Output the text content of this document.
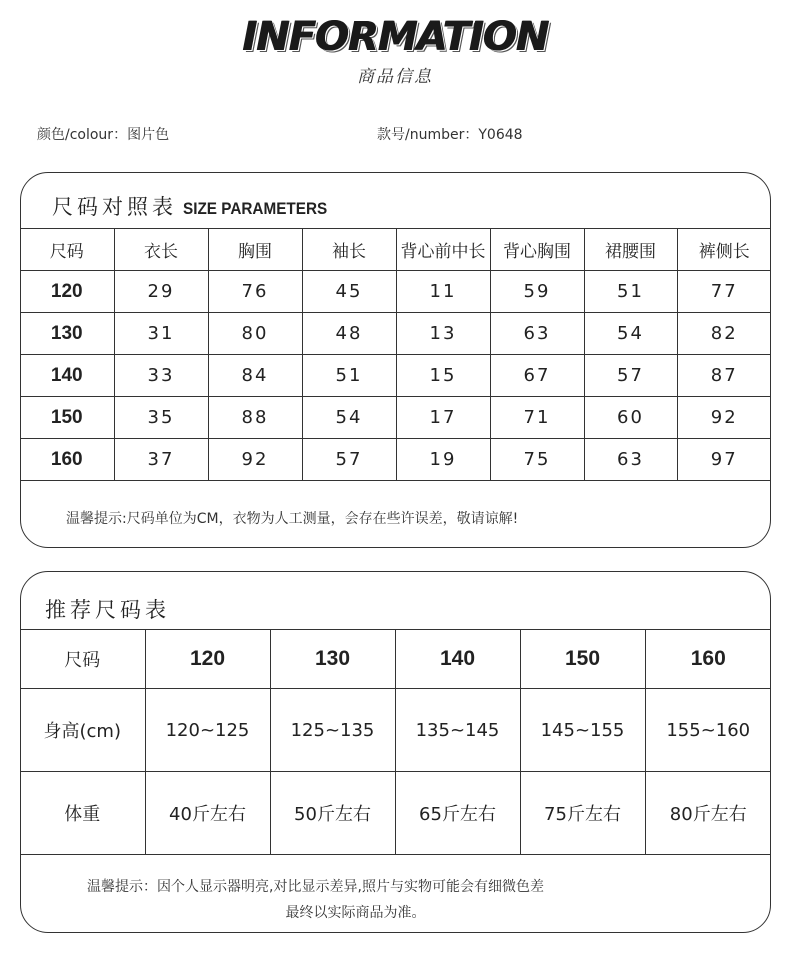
INFORMATION
商品信息
颜色/colour：图片色	款号/number：Y0648
尺码对照表 SIZE PARAMETERS
尺码	衣长	胸围	袖长	背心前中长	背心胸围	裙腰围	裤侧长
120	29	76	45	11	59	51	77
130	31	80	48	13	63	54	82
140	33	84	51	15	67	57	87
150	35	88	54	17	71	60	92
160	37	92	57	19	75	63	97
温馨提示:尺码单位为CM，衣物为人工测量，会存在些许误差，敬请谅解!
推荐尺码表
尺码	120	130	140	150	160
身高(cm)	120~125	125~135	135~145	145~155	155~160
体重	40斤左右	50斤左右	65斤左右	75斤左右	80斤左右
温馨提示：因个人显示器明亮,对比显示差异,照片与实物可能会有细微色差
最终以实际商品为准。
